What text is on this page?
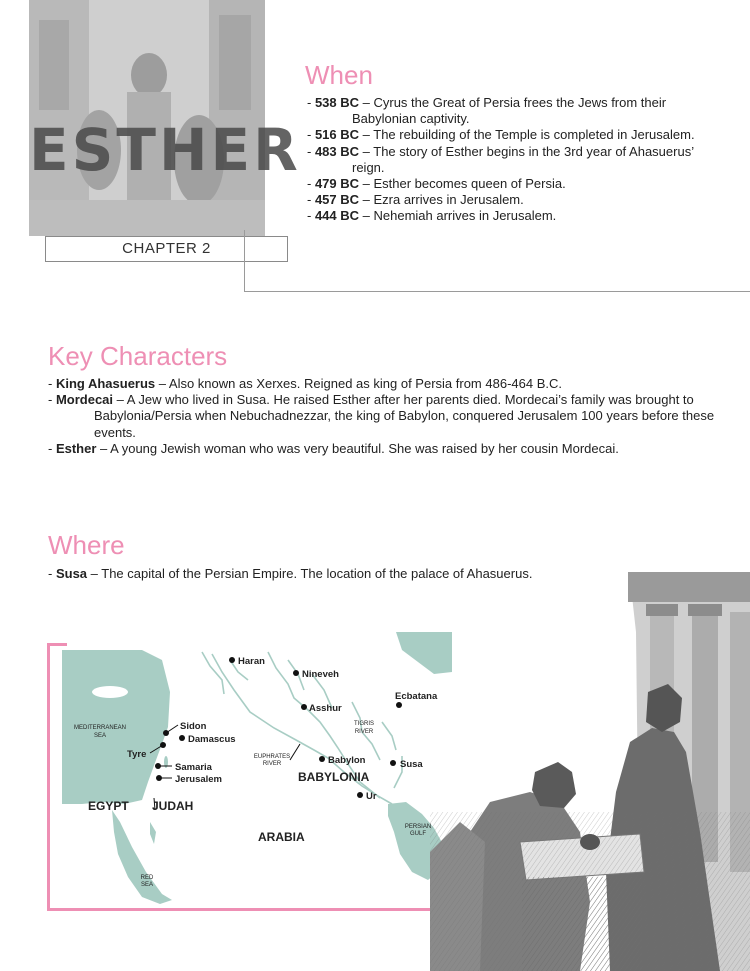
ESTHER
CHAPTER 2
When
- 538 BC – Cyrus the Great of Persia frees the Jews from their Babylonian captivity.
- 516 BC – The rebuilding of the Temple is completed in Jerusalem.
- 483 BC – The story of Esther begins in the 3rd year of Ahasuerus’ reign.
- 479 BC – Esther becomes queen of Persia.
- 457 BC – Ezra arrives in Jerusalem.
- 444 BC – Nehemiah arrives in Jerusalem.
Key Characters
- King Ahasuerus – Also known as Xerxes. Reigned as king of Persia from 486-464 B.C.
- Mordecai – A Jew who lived in Susa. He raised Esther after her parents died. Mordecai’s family was brought to Babylonia/Persia when Nebuchadnezzar, the king of Babylon, conquered Jerusalem 100 years before these events.
- Esther – A young Jewish woman who was very beautiful. She was raised by her cousin Mordecai.
Where
- Susa – The capital of the Persian Empire. The location of the palace of Ahasuerus.
Haran
Nineveh
Ecbatana
Asshur
Sidon
Damascus
Tyre
Samaria
Jerusalem
Babylon	Susa
Ur
EGYPT JUDAH
BABYLONIA
ARABIA
MEDITERRANEAN
SEA
TIGRIS
RIVER
EUPHRATES
RIVER
PERSIAN
GULF
RED
SEA
